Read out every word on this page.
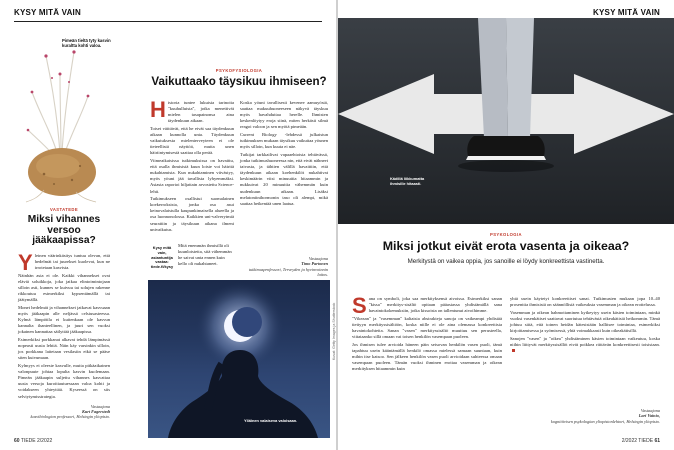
KYSY MITÄ VAIN
Pimeän tieltä tyty kasvin kuraltta kohti valoa.
VASTATEDE
Miksi vihannes versoo jääkaapissa?

Yleinen väärinkäsitys tuntuu olevan, että hedelmät tai juurekset kuolevat, kun ne irrotetaan kasvista.

Näinhän asia ei ole. Kaikki vihannekset ovat eläviä soluikkoja, joka jatkaa elintoimintojaan silloin asti, kunnes se kuivuu tai solujen rakenne rikkoutuu esimerkiksi kypsentämällä tai jäätymällä.

Monet hedelmät ja vihannekset jatkavat kasvuaan myös jääkaapin alle neljässä celsiusasteessa. Kylmä lämpötila ei kuitenkaan ole kasvun kannalta ihanteellinen, ja juuri sen vuoksi jokainen kannattaa säilyttää jääkaapissa.

Esimerkiksi porkkanat alkavat tehdä lämpimässä nopeasti uusia lehtiä. Näin käy varsinkin silloin, jos porkkana laitetaan vesilasiin eikä se pääse siten kuivumaan.

Kylmyys ei oleeste kasvulle, mutta pitkäaikainen valonpuute johtaa lopulta kasvin kuolemaan. Pimeän jääkaapin suljettu vihannes kasvattaa uusia versoja kuroittautuessaan valoa kohti ja voidakseen yhteyttää. Kyseessä on siis selviytymisstrategia.

Vastaajana
Kurt Fagerstedt
kasvibiologian professori, Helsingin yliopisto.
PSYKOFYSIOLOGIA
Vaikuttaako täysikuu ihmiseen?

Historia tuntee lukuisia tarinoita "kuuhulluista", jotka menettivät mielen tasapainonsa aina täydenkuun aikaan.

Toiset väittävät, että he eivät saa täydenkuun aikaan kunnolla unta. Täydenkuun vaikutuksesta mielenterveyteen ei ole tieteellistä näyttöä, mutta unen häiriintymisestä saattaa olla perää.

Viimeaikaisissa tutkimuksissa on havaittu, että osalla ihmisistä kuun loiste voi häiritä nukahtamista. Kun nukahtaminen viivästyy, myös yöuni jää tavallista lyhyemmäksi. Asiasta raportoi hiljattain arvostettu Science-lehti.

Tutkimukseen osallistui suomalainen koekerroksista, jonka osa asui keinovalaistulla kaupunkimaisella alueella ja osa luonnonolossa. Kaikkien uni-valverytmiä seurattiin ja täysikuun aikana ilmeni univaikutus.

Mitä enemmän ihmisillä oli kuunloistetta, sitä vähemmän he saivat unta ennen kuin kello oli nukahtaneet.
Kysy mitä vain, asiantuntija vastaa: tiede.fi/kysy

Koska yöuni tavallisesti kevenee aamuyöstä, saattaa makuuhuoneeseen näkyvä täyskuu myös havahduttaa herelle. Ihmisten keskenlöytyy eroja siinä, miten herkästi silmä reagoi valoon ja sen myötä pimeään.

Current Biology -lehdessä julkaistun tutkimuksen mukaan täysikuu vaikuttaa yöunen myös silloin, kun kuuta ei näe.

Tutkijat tarkkailivat vapaaehtoisia tehtävässä, jonka tutkimushuoneessa nin, että eivät nähneet taivasta, ja tähtien välillä havaittiin, että täydenkuun aikaan koehenkilöt nukahtivat keskimäärin viisi minuuttia hitaammin ja nukkuivat 20 minuuttia vähemmän kuin uudenkuun aikaan. Lisäksi melatoniinihormonin taso oli alempi, mikä saattaa heikentää unen laatua.

Vastaajana
Timo Partonen
tutkimusprofessori, Terveyden ja hyvinvoinnin laitos.
Ylläinen valaiseva valoisaan.
Kuvat: Getty Images ja Shutterstock
60 TIEDE 2/2022
KYSY MITÄ VAIN
Kädillä liikkumatta ihmisille hitaasti.
PSYKOLOGIA
Miksi jotkut eivät erota vasenta ja oikeaa?
Merkitystä on vaikea oppia, jos sanoille ei löydy konkreettista vastinetta.

Sana on symboli, joka saa merkityksensä aivoissa. Esimerkiksi sanan "kissa" merkitys-sisältö opitaan pääasiassa yhdistämällä sana havaintokokemuksiin, jotka kissoista on tallentunut aivoihimme.

"Vikeaan" ja "vasemman" kaltaisia abstrakteja sanoja on vaikeampi yhdistää tiettyyn merkityssisältöön, koska niille ei ole aina olemassa konkreettisia havaintokohteita. Sanan "vasen" merkityssisältö muuttuu sen perusteella, viitataanko sillä omaan vai toisen henkilön vasempaan puoleen.

Jos ihmisen tulee arvioida häneen päin seisovan henkilön vasen puoli, tämä tapahtuu usein kääntämällä henkilö omassa mielessä samaan suuntaan, kuin mihin itse katsoo. Sen jälkeen henkilön vasen puoli arvioidaan suhteessa omaan vasempaan puoleen. Tämän vuoksi ihminen erottaa vasemman ja oikean merkityksen hitaammin kuin

yhtä usein käytetyt konkreettiset sanat. Tutkimusten mukaan jopa 10–40 prosenttia ihmisistä on säännöllisiä vaikeuksia vasemman ja oikean erottelussa.

Vasemman ja oikean hahmottaminen kytkeytyy usein käsien toimintaan, minkä vuoksi vasenkätiset saattavat suoriutua tehtävästä oikeakätisiä heikommin. Tämä johtuu siitä, että toinen heidän kätesistään hallitsee toimintaa, esimerkiksi kirjoittamisessa ja syömisessä, yhtä voimakkaasti kuin oikeakätisillä.

Sanojen "vasen" ja "oikea" yhdistäminen käsien toimintaan vaikeutuu, koska niihin liittyvät merkityssisällöt eivät poikkea riittävän konkreettisesti toisistaan.

Vastaajana
Lari Vainio,
kognitiivisen psykologian yliopistonlehtori, Helsingin yliopisto.
2/2022 TIEDE 61
